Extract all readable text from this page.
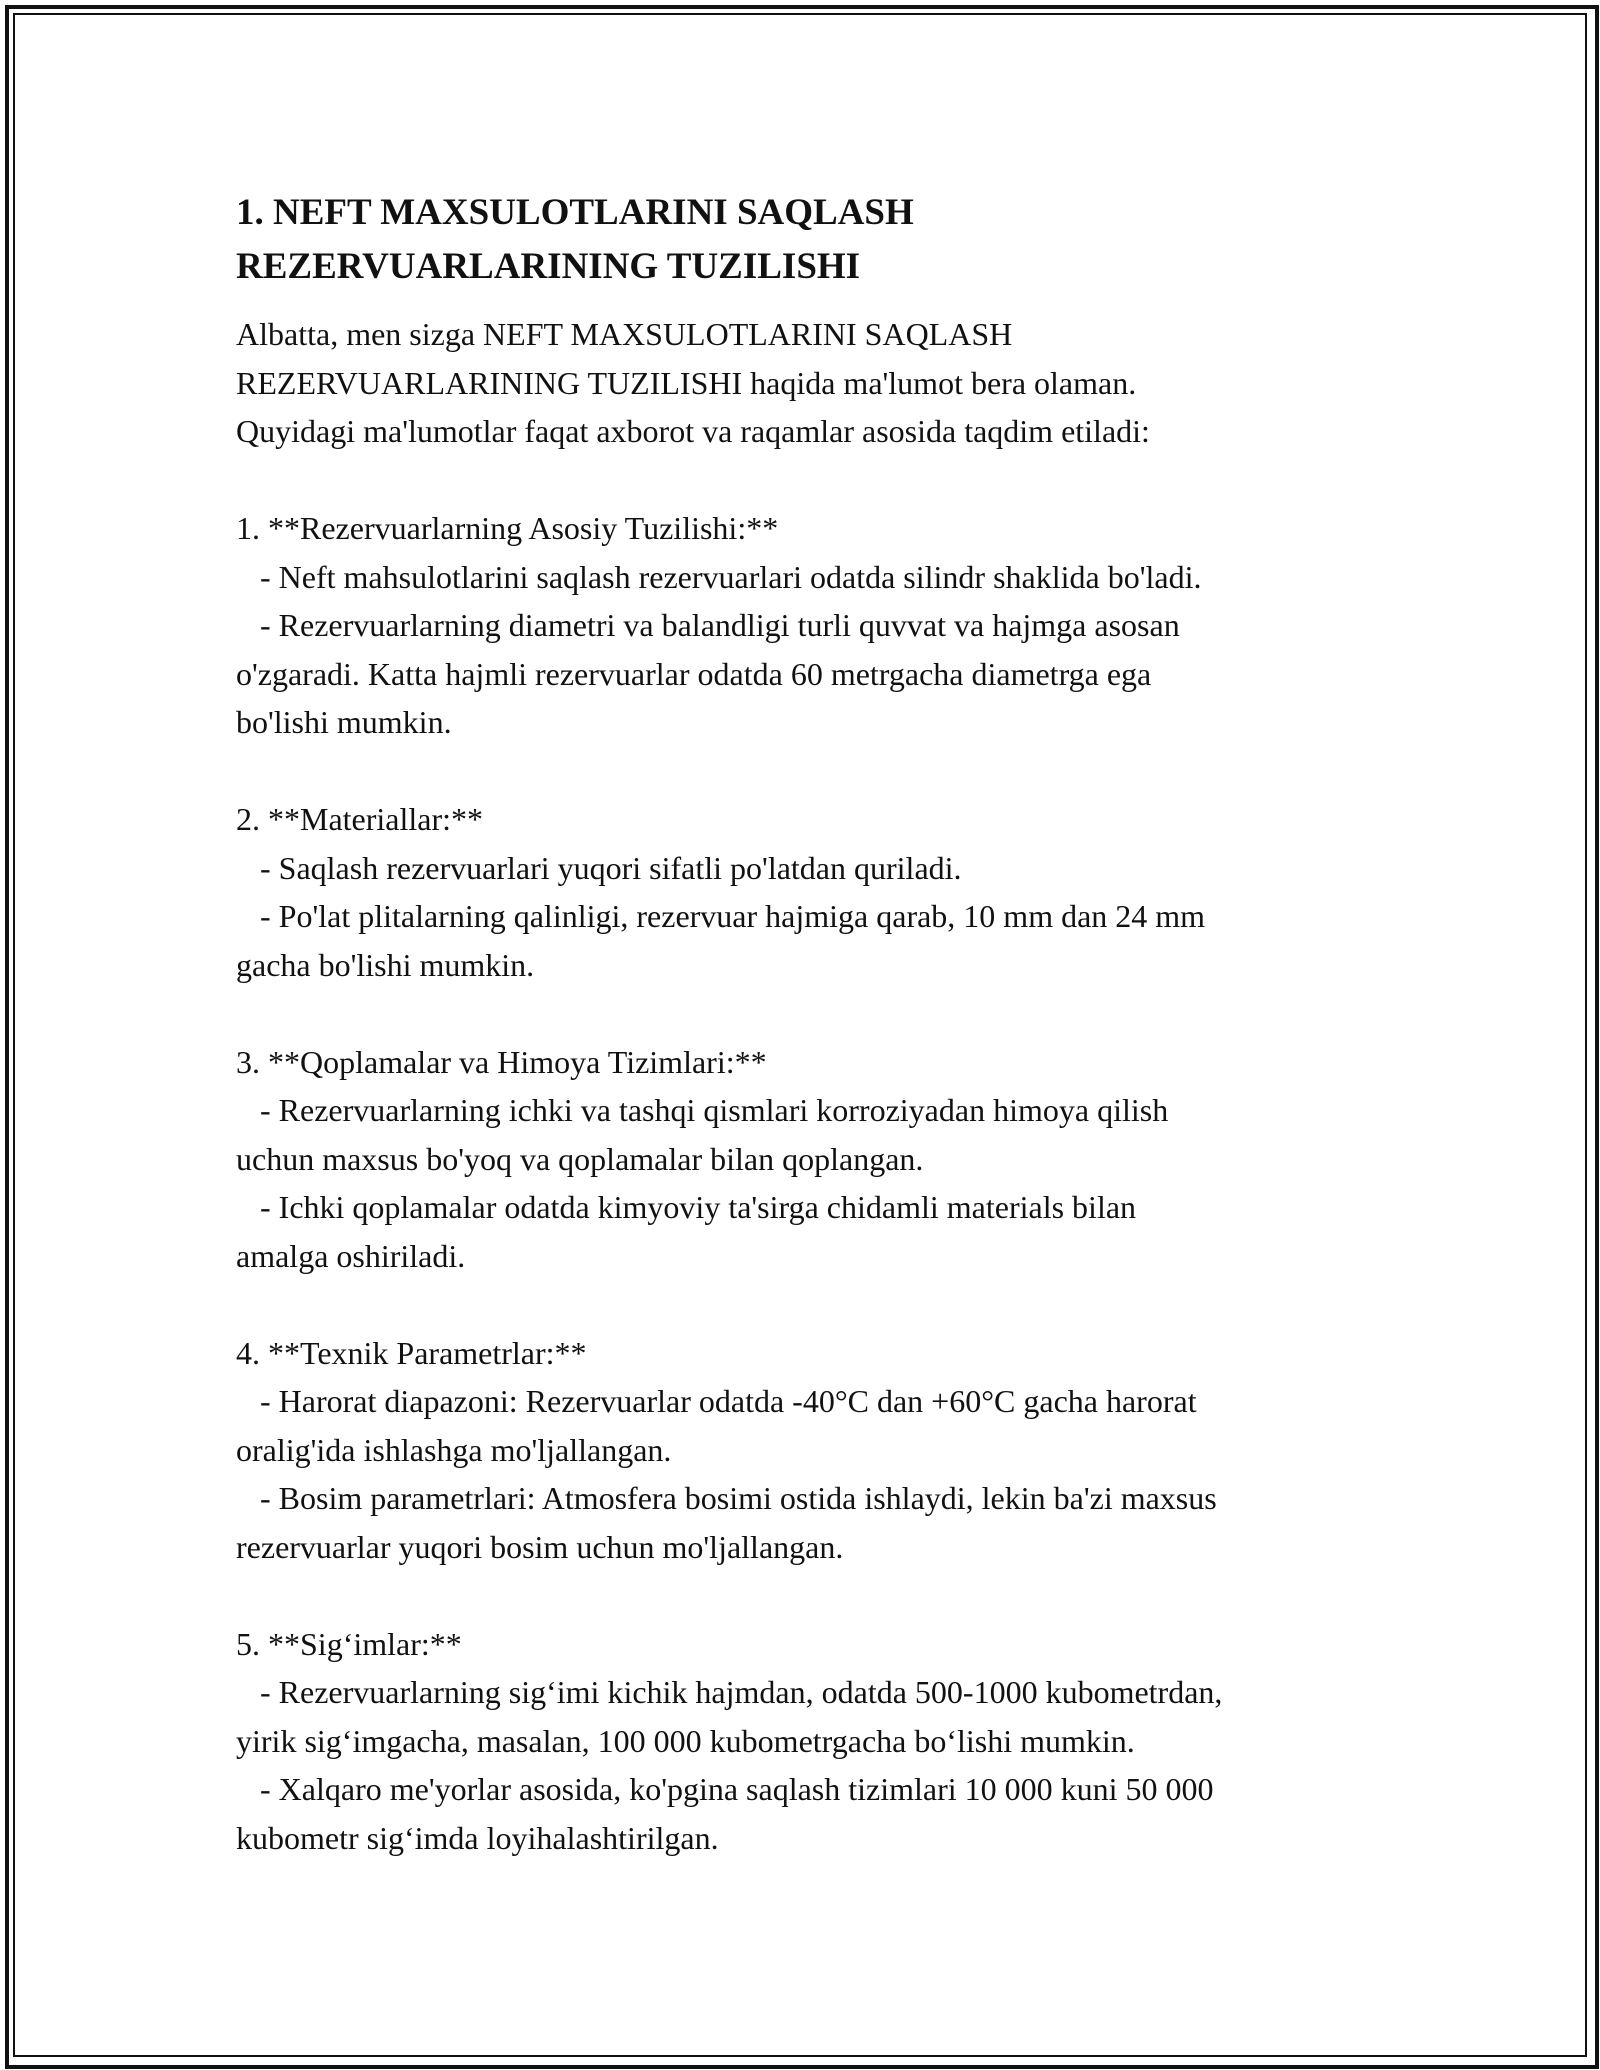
1. NEFT MAXSULOTLARINI SAQLASH
REZERVUARLARINING TUZILISHI
Albatta, men sizga NEFT MAXSULOTLARINI SAQLASH
REZERVUARLARINING TUZILISHI haqida ma'lumot bera olaman.
Quyidagi ma'lumotlar faqat axborot va raqamlar asosida taqdim etiladi:
1. **Rezervuarlarning Asosiy Tuzilishi:**
- Neft mahsulotlarini saqlash rezervuarlari odatda silindr shaklida bo'ladi.
- Rezervuarlarning diametri va balandligi turli quvvat va hajmga asosan
o'zgaradi. Katta hajmli rezervuarlar odatda 60 metrgacha diametrga ega
bo'lishi mumkin.
2. **Materiallar:**
- Saqlash rezervuarlari yuqori sifatli po'latdan quriladi.
- Po'lat plitalarning qalinligi, rezervuar hajmiga qarab, 10 mm dan 24 mm
gacha bo'lishi mumkin.
3. **Qoplamalar va Himoya Tizimlari:**
- Rezervuarlarning ichki va tashqi qismlari korroziyadan himoya qilish
uchun maxsus bo'yoq va qoplamalar bilan qoplangan.
- Ichki qoplamalar odatda kimyoviy ta'sirga chidamli materials bilan
amalga oshiriladi.
4. **Texnik Parametrlar:**
- Harorat diapazoni: Rezervuarlar odatda -40°C dan +60°C gacha harorat
oralig'ida ishlashga mo'ljallangan.
- Bosim parametrlari: Atmosfera bosimi ostida ishlaydi, lekin ba'zi maxsus
rezervuarlar yuqori bosim uchun mo'ljallangan.
5. **Sig‘imlar:**
- Rezervuarlarning sig‘imi kichik hajmdan, odatda 500-1000 kubometrdan,
yirik sig‘imgacha, masalan, 100 000 kubometrgacha bo‘lishi mumkin.
- Xalqaro me'yorlar asosida, ko'pgina saqlash tizimlari 10 000 kuni 50 000
kubometr sig‘imda loyihalashtirilgan.
